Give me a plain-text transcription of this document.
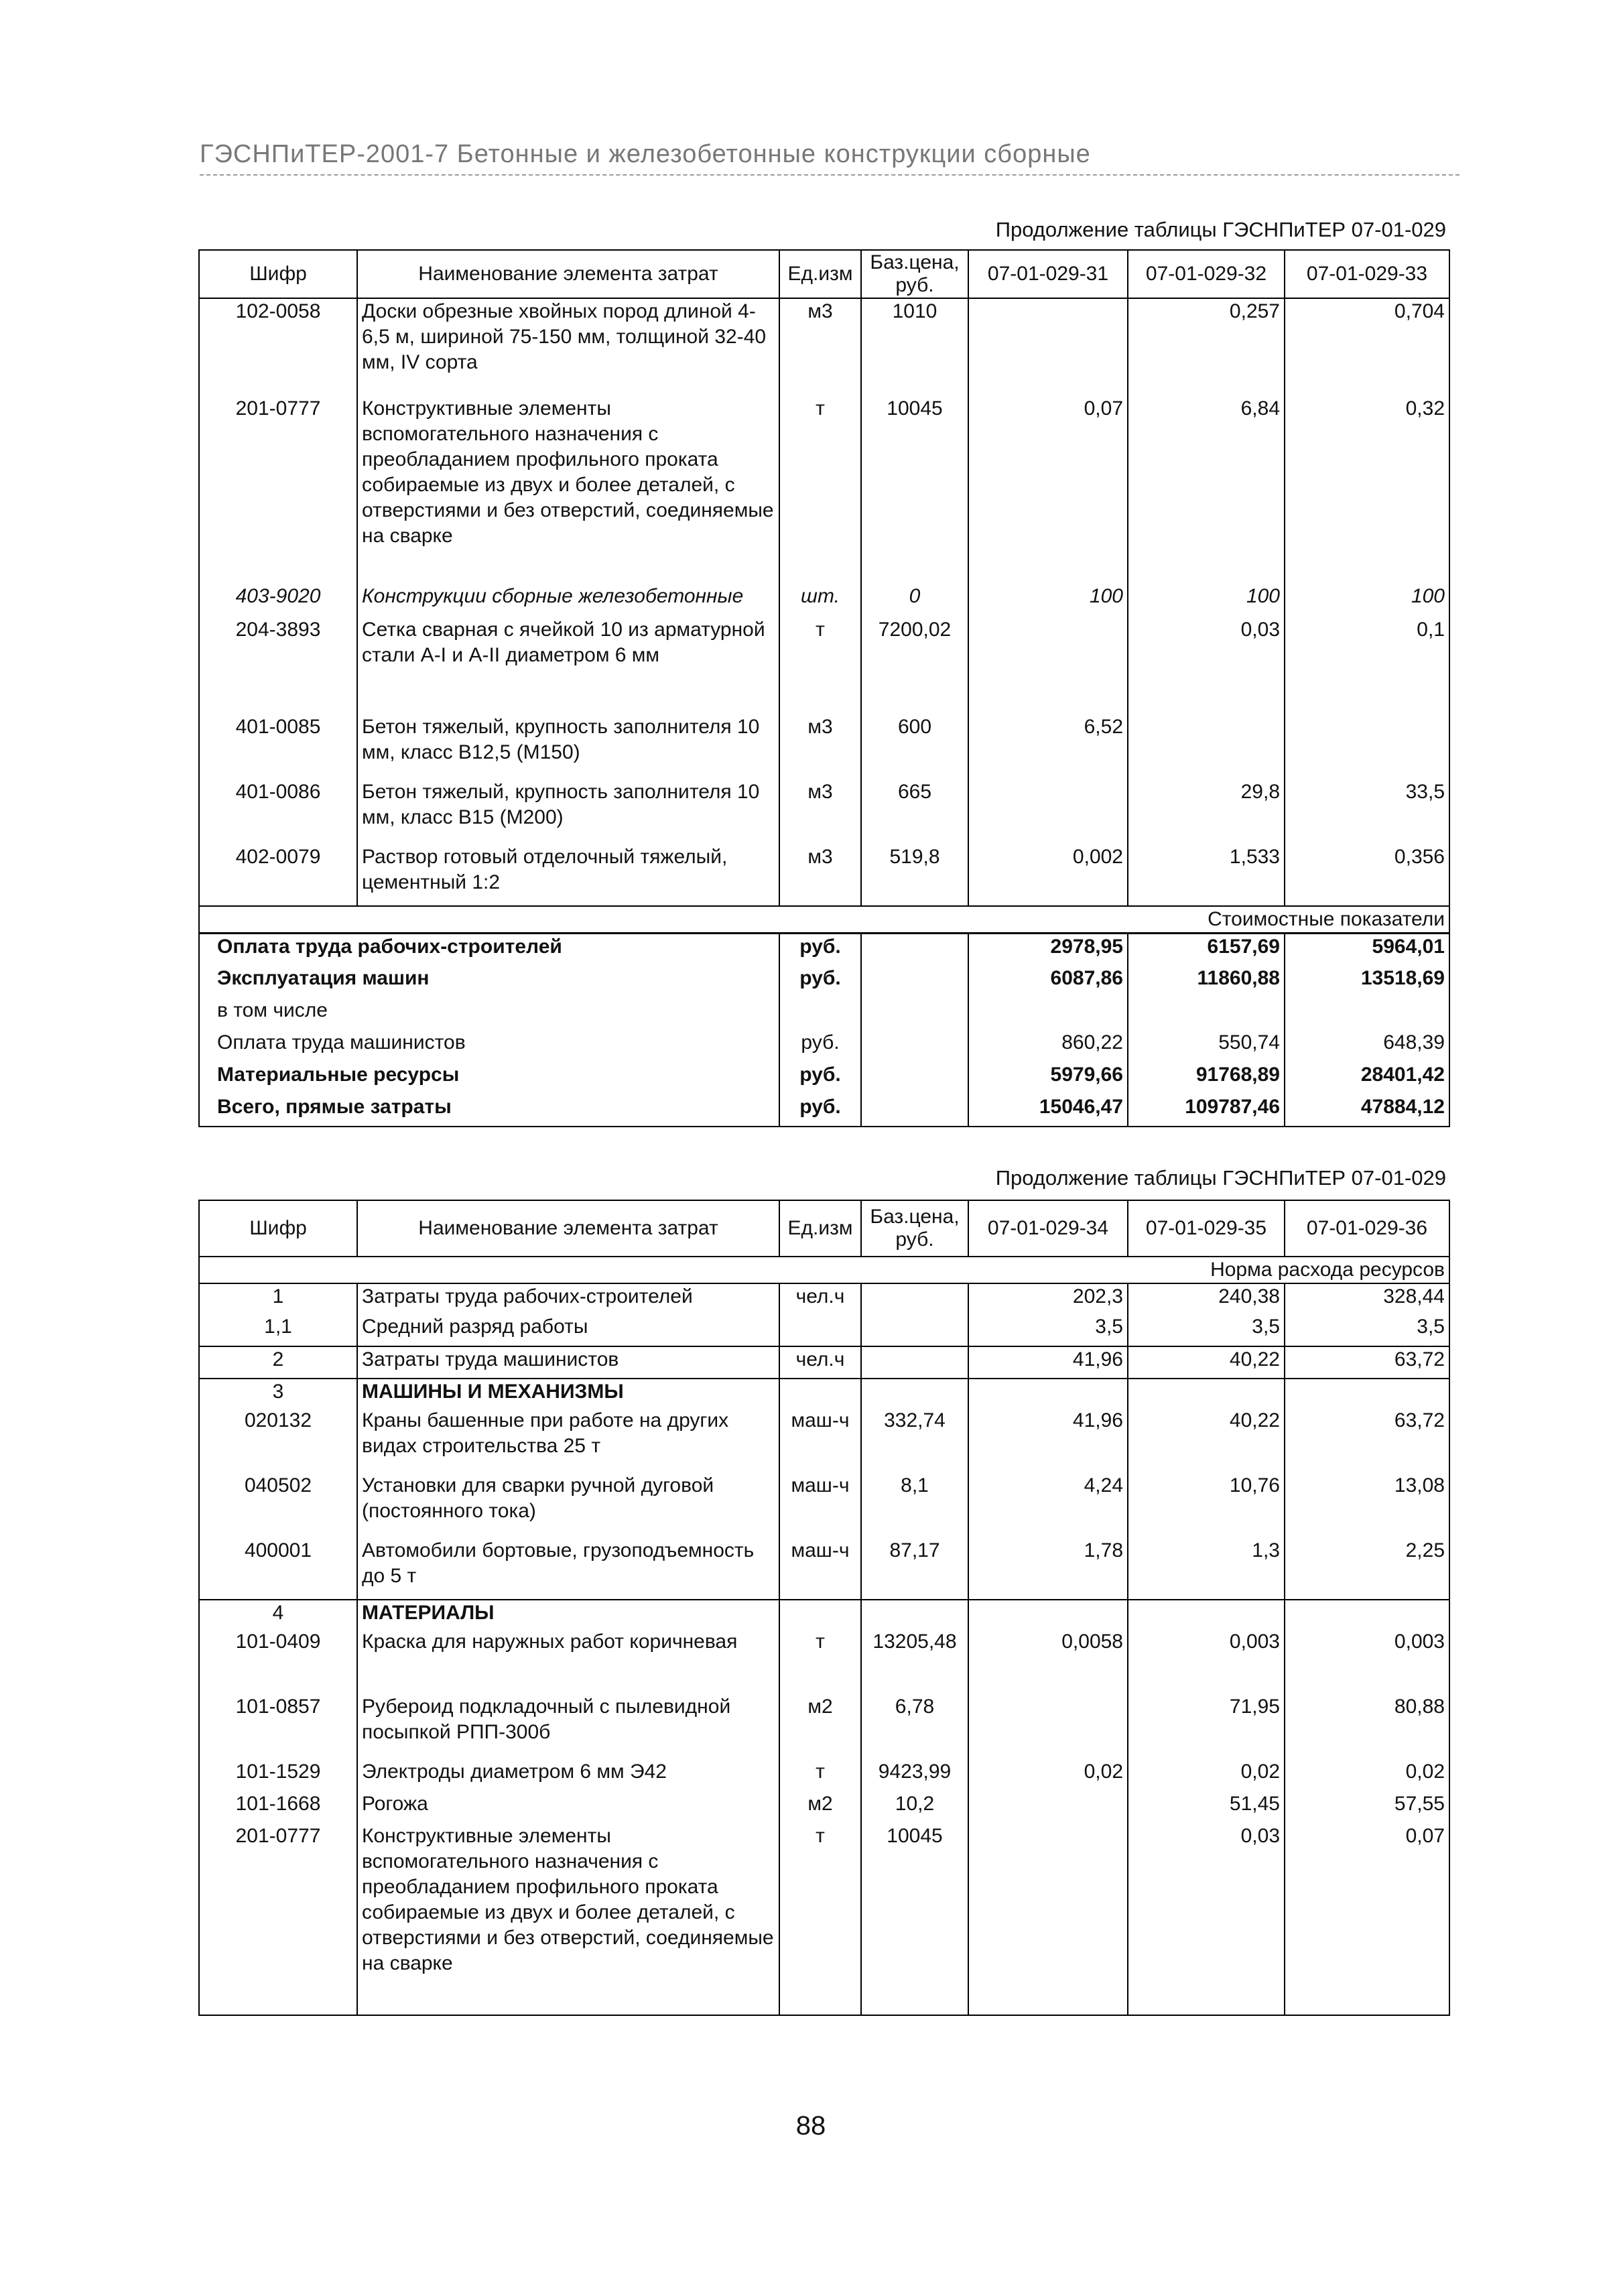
ГЭСНПиТЕР-2001-7 Бетонные и железобетонные конструкции сборные
Продолжение таблицы ГЭСНПиТЕР 07-01-029
Шифр	Наименование элемента затрат	Ед.изм	Баз.цена, руб.	07-01-029-31	07-01-029-32	07-01-029-33
102-0058	Доски обрезные хвойных пород длиной 4-6,5 м, шириной 75-150 мм, толщиной 32-40 мм, IV сорта	м3	1010		0,257	0,704
201-0777	Конструктивные элементы вспомогательного назначения с преобладанием профильного проката собираемые из двух и более деталей, с отверстиями и без отверстий, соединяемые на сварке	т	10045	0,07	6,84	0,32
403-9020	Конструкции сборные железобетонные	шт.	0	100	100	100
204-3893	Сетка сварная с ячейкой 10 из арматурной стали А-I и А-II диаметром 6 мм	т	7200,02		0,03	0,1
401-0085	Бетон тяжелый, крупность заполнителя 10 мм, класс В12,5 (М150)	м3	600	6,52		
401-0086	Бетон тяжелый, крупность заполнителя 10 мм, класс В15 (М200)	м3	665		29,8	33,5
402-0079	Раствор готовый отделочный тяжелый, цементный 1:2	м3	519,8	0,002	1,533	0,356
Стоимостные показатели						
Оплата труда рабочих-строителей		руб.		2978,95	6157,69	5964,01
Эксплуатация машин		руб.		6087,86	11860,88	13518,69
в том числе						
Оплата труда машинистов		руб.		860,22	550,74	648,39
Материальные ресурсы		руб.		5979,66	91768,89	28401,42
Всего, прямые затраты		руб.		15046,47	109787,46	47884,12
Продолжение таблицы ГЭСНПиТЕР 07-01-029
Шифр	Наименование элемента затрат	Ед.изм	Баз.цена, руб.	07-01-029-34	07-01-029-35	07-01-029-36
Норма расхода ресурсов						
1	Затраты труда рабочих-строителей	чел.ч		202,3	240,38	328,44
1,1	Средний разряд работы			3,5	3,5	3,5
2	Затраты труда машинистов	чел.ч		41,96	40,22	63,72
3	МАШИНЫ И МЕХАНИЗМЫ					
020132	Краны башенные при работе на других видах строительства 25 т	маш-ч	332,74	41,96	40,22	63,72
040502	Установки для сварки ручной дуговой (постоянного тока)	маш-ч	8,1	4,24	10,76	13,08
400001	Автомобили бортовые, грузоподъемность до 5 т	маш-ч	87,17	1,78	1,3	2,25
4	МАТЕРИАЛЫ					
101-0409	Краска для наружных работ коричневая	т	13205,48	0,0058	0,003	0,003
101-0857	Рубероид подкладочный с пылевидной посыпкой РПП-300б	м2	6,78		71,95	80,88
101-1529	Электроды диаметром 6 мм Э42	т	9423,99	0,02	0,02	0,02
101-1668	Рогожа	м2	10,2		51,45	57,55
201-0777	Конструктивные элементы вспомогательного назначения с преобладанием профильного проката собираемые из двух и более деталей, с отверстиями и без отверстий, соединяемые на сварке	т	10045		0,03	0,07
88
